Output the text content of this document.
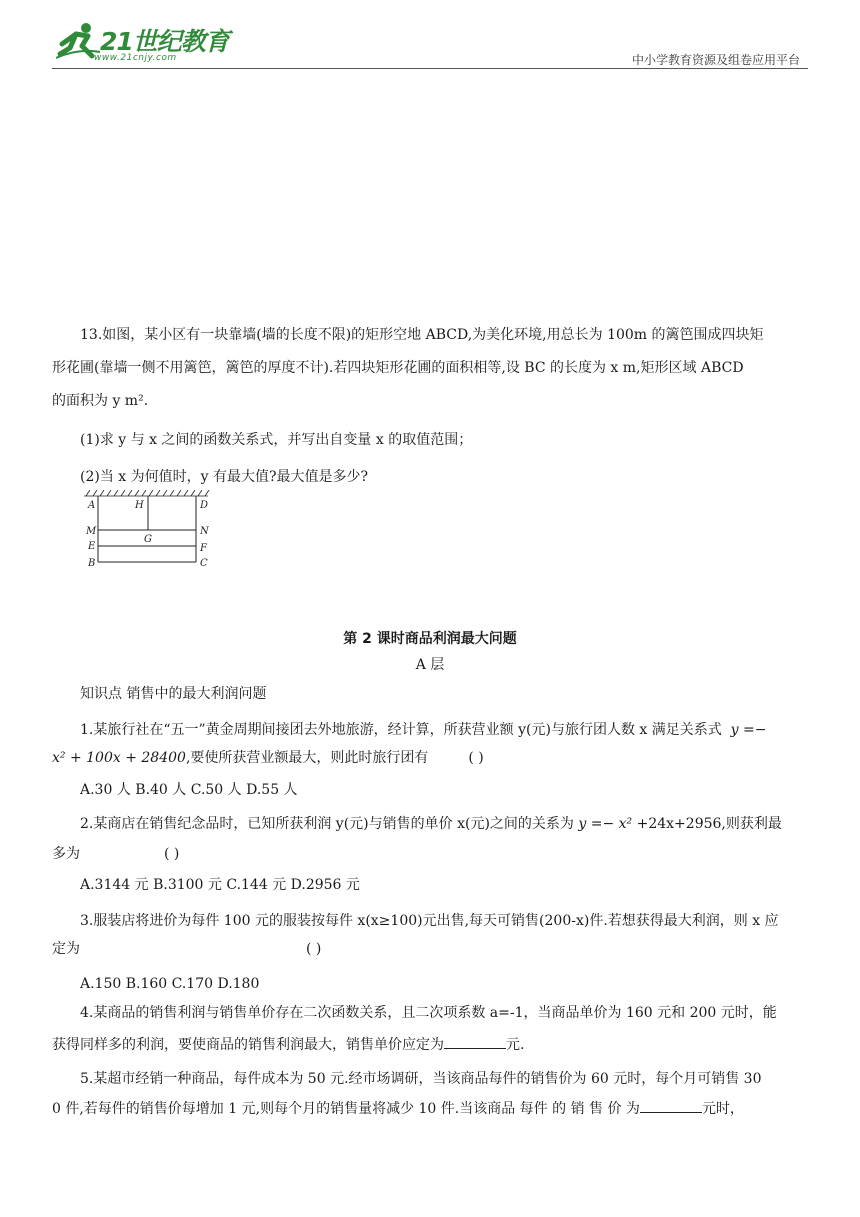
21世纪教育
www.21cnjy.com	中小学教育资源及组卷应用平台

13.如图，某小区有一块靠墙(墙的长度不限)的矩形空地 ABCD,为美化环境,用总长为 100m 的篱笆围成四块矩

形花圃(靠墙一侧不用篱笆，篱笆的厚度不计).若四块矩形花圃的面积相等,设 BC 的长度为 x m,矩形区域 ABCD

的面积为 y m².

(1)求 y 与 x 之间的函数关系式，并写出自变量 x 的取值范围；

(2)当 x 为何值时，y 有最大值?最大值是多少?

A	H	D
M	N
G
E	F
B	C
第 2 课时商品利润最大问题
A 层

知识点 销售中的最大利润问题

1.某旅行社在“五一”黄金周期间接团去外地旅游，经计算，所获营业额 y(元)与旅行团人数 x 满足关系式 y =−

x² + 100x + 28400,要使所获营业额最大，则此时旅行团有	( )

A.30 人 B.40 人 C.50 人 D.55 人

2.某商店在销售纪念品时，已知所获利润 y(元)与销售的单价 x(元)之间的关系为 y =− x² +24x+2956,则获利最

多为	( )

A.3144 元 B.3100 元 C.144 元 D.2956 元

3.服装店将进价为每件 100 元的服装按每件 x(x≥100)元出售,每天可销售(200-x)件.若想获得最大利润，则 x 应

定为	( )

A.150 B.160 C.170 D.180

4.某商品的销售利润与销售单价存在二次函数关系，且二次项系数 a=-1，当商品单价为 160 元和 200 元时，能

获得同样多的利润，要使商品的销售利润最大，销售单价应定为	元.

5.某超市经销一种商品，每件成本为 50 元.经市场调研，当该商品每件的销售价为 60 元时，每个月可销售 30

0 件,若每件的销售价每增加 1 元,则每个月的销售量将减少 10 件.当该商品 每件 的 销 售 价 为	元时，
